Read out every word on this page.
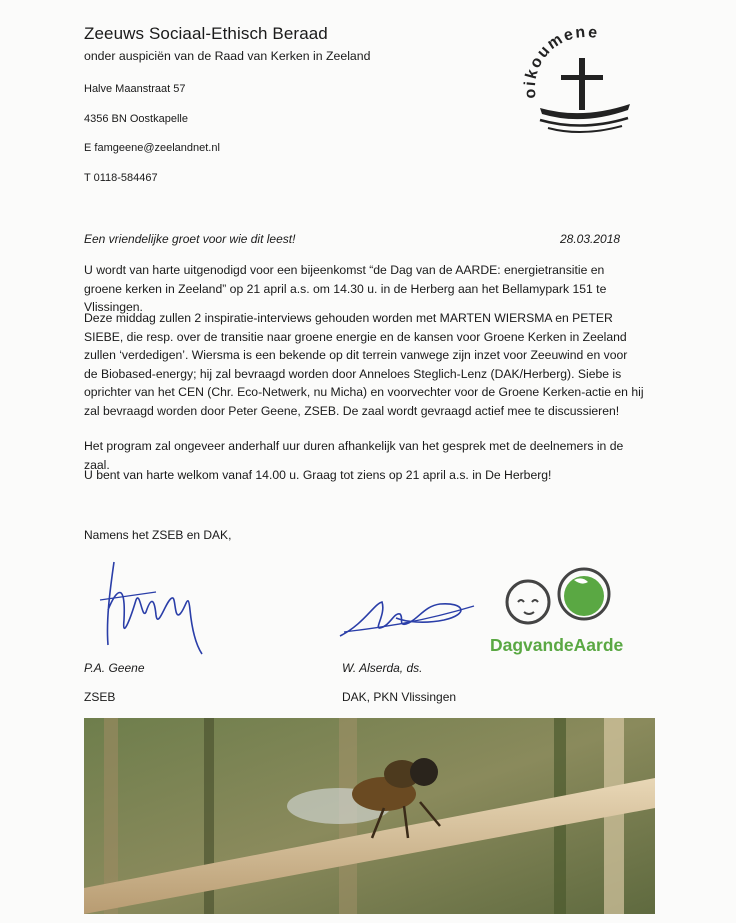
Zeeuws Sociaal-Ethisch Beraad
onder auspiciën van de Raad van Kerken in Zeeland
Halve Maanstraat 57
4356 BN Oostkapelle
E famgeene@zeelandnet.nl
T 0118-584467
oikoumene
Een vriendelijke groet voor wie dit leest!	28.03.2018

U wordt van harte uitgenodigd voor een bijeenkomst “de Dag van de AARDE: energietransitie en groene kerken in Zeeland” op 21 april a.s. om 14.30 u. in de Herberg aan het Bellamypark 151 te Vlissingen.

Deze middag zullen 2 inspiratie-interviews gehouden worden met MARTEN WIERSMA en PETER SIEBE, die resp. over de transitie naar groene energie en de kansen voor Groene Kerken in Zeeland zullen ‘verdedigen’. Wiersma is een bekende op dit terrein vanwege zijn inzet voor Zeeuwind en voor de Biobased-energy; hij zal bevraagd worden door Anneloes Steglich-Lenz (DAK/Herberg). Siebe is oprichter van het CEN (Chr. Eco-Netwerk, nu Micha) en voorvechter voor de Groene Kerken-actie en hij zal bevraagd worden door Peter Geene, ZSEB. De zaal wordt gevraagd actief mee te discussieren!

Het program zal ongeveer anderhalf uur duren afhankelijk van het gesprek met de deelnemers in de zaal.

U bent van harte welkom vanaf 14.00 u. Graag tot ziens op 21 april a.s. in De Herberg!

Namens het ZSEB en DAK,
DagvandeAarde
P.A. Geene	W. Alserda, ds.
ZSEB	DAK, PKN Vlissingen
